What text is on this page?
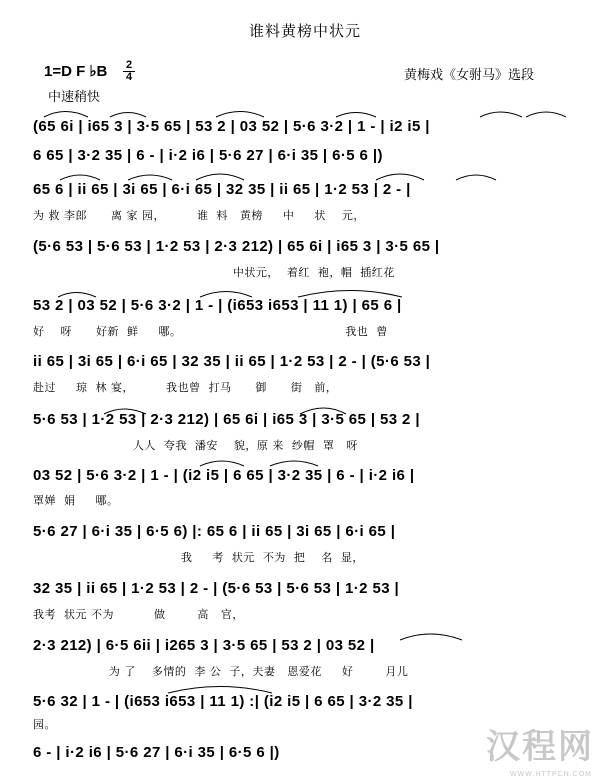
谁料黄榜中状元
1=D F ♭B	2
4
中速稍快
黄梅戏《女驸马》选段
(65 6i | i65 3 | 3·5 65 | 53 2 | 03 52 | 5·6 3·2 | 1 - | i2 i5 |
6 65 | 3·2 35 | 6 - | i·2 i6 | 5·6 27 | 6·i 35 | 6·5 6 |)
65 6 | ii 65 | 3i 65 | 6·i 65 | 32 35 | ii 65 | 1·2 53 | 2 - |
为 救 李郎      离 家 园，        谁  料   黄榜     中     状    元，
(5·6 53 | 5·6 53 | 1·2 53 | 2·3 212) | 65 6i | i65 3 | 3·5 65 |
中状元，  着红  袍，帽  插红花
53 2 | 03 52 | 5·6 3·2 | 1 - | (i653 i653 | 11 1) | 65 6 |
好    呀      好新  鲜     哪。                                         我也  曾
ii 65 | 3i 65 | 6·i 65 | 32 35 | ii 65 | 1·2 53 | 2 - | (5·6 53 |
赴过     琼  林 宴，        我也曾  打马      御      街   前，
5·6 53 | 1·2 53 | 2·3 212) | 65 6i | i65 3 | 3·5 65 | 53 2 |
人人  夸我  潘安    貌，原 来  纱帽  罩   呀
03 52 | 5·6 3·2 | 1 - | (i2 i5 | 6 65 | 3·2 35 | 6 - | i·2 i6 |
罩婵  娟     哪。
5·6 27 | 6·i 35 | 6·5 6) |: 65 6 | ii 65 | 3i 65 | 6·i 65 |
我     考  状元  不为  把    名  显，
32 35 | ii 65 | 1·2 53 | 2 - | (5·6 53 | 5·6 53 | 1·2 53 |
我考  状元 不为          做        高   官，
2·3 212) | 6·5 6ii | i265 3 | 3·5 65 | 53 2 | 03 52 |
为 了    多情的  李 公  子，夫妻   恩爱花     好        月儿
5·6 32 | 1 - | (i653 i653 | 11 1) :| (i2 i5 | 6 65 | 3·2 35 |
园。
6 - | i·2 i6 | 5·6 27 | 6·i 35 | 6·5 6 |)	汉程网
WWW.HTTPCN.COM
